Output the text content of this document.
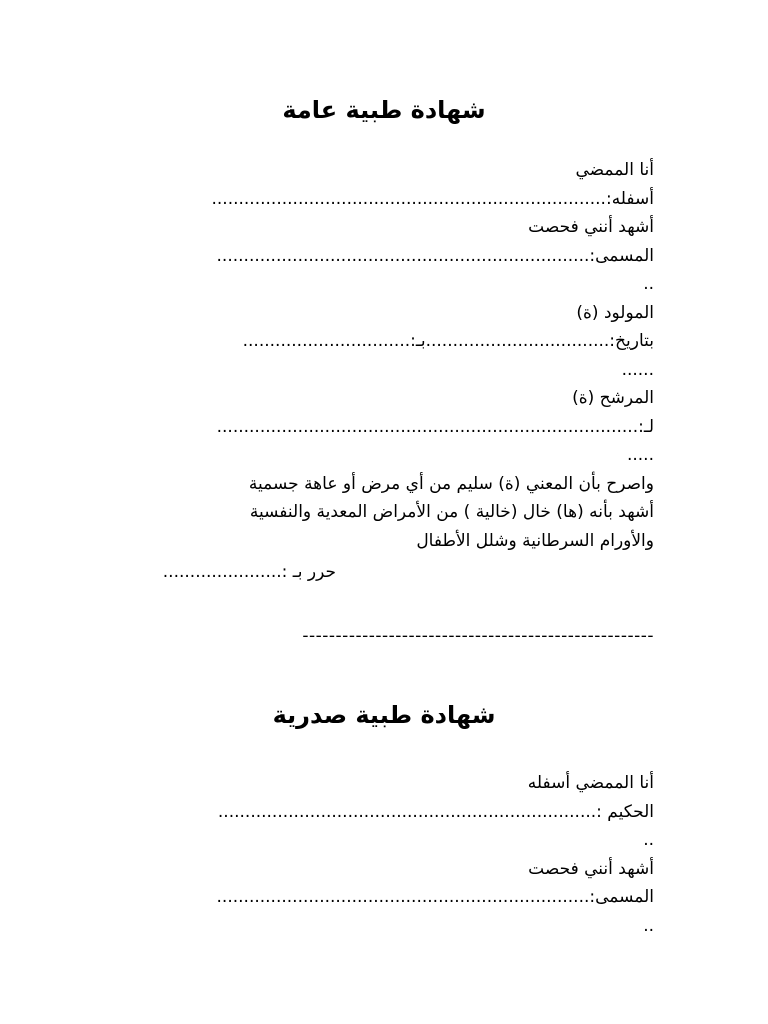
شهادة طبية عامة
أنا الممضي
أسفله:.........................................................................
أشهد أنني فحصت
المسمى:.....................................................................
..
المولود (ة)
بتاريخ:..................................بـ:...............................
......
المرشح (ة)
لـ:..............................................................................
.....
واصرح بأن المعني (ة) سليم من أي مرض أو عاهة جسمية
أشهد بأنه (ها) خال (خالية ) من الأمراض المعدية والنفسية
والأورام السرطانية وشلل الأطفال
حرر بـ :......................
-----------------------------------------------------
شهادة طبية صدرية
أنا الممضي أسفله
الحكيم :......................................................................
..
أشهد أنني فحصت
المسمى:.....................................................................
..
